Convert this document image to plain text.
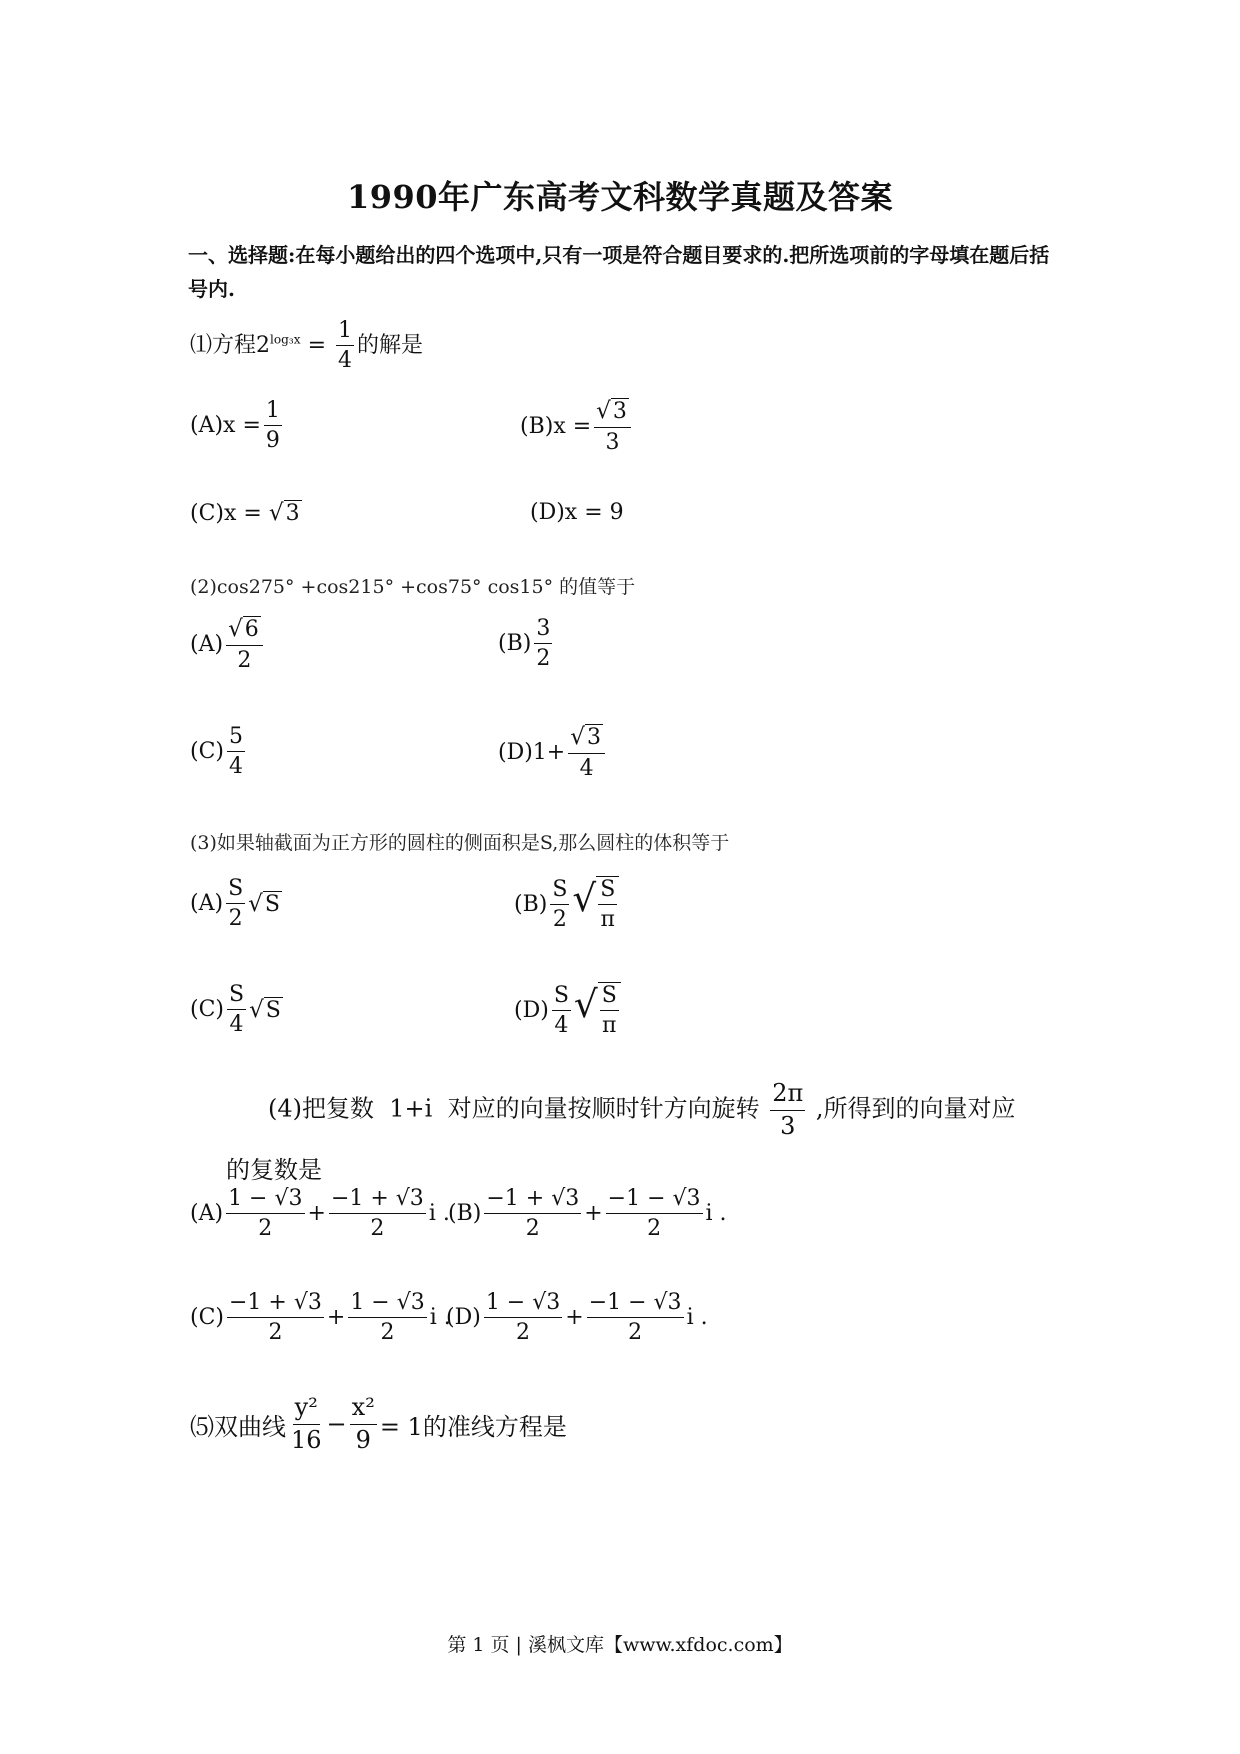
1990年广东高考文科数学真题及答案
一、选择题:在每小题给出的四个选项中,只有一项是符合题目要求的.把所选项前的字母填在题后括号内.
⑴方程$2^{log_3x} = \frac{1}{4}$ 的解是
$(A)x = \frac{1}{9}$	$(B)x = \frac{√ 3}{3}$
(C)x =
√ 3	(D)x = 9
(2)cos275° +cos215° +cos75° cos15° 的值等于
$(A) \frac{√ 6}{2}$	$(B) \frac{3}{2}$
$(C) \frac{5}{4}$	$(D)1+ \frac{√ 3}{4}$
(3)如果轴截面为正方形的圆柱的侧面积是S,那么圆柱的体积等于
$(A) \frac{S}{2}$ √ S	$(B) \frac{S}{2}$ √ $\frac{S}{\pi}$
$(C) \frac{S}{4}$ √ S	$(D) \frac{S}{4}$ √ $\frac{S}{\pi}$
(4)把复数 1+i 对应的向量按顺时针方向旋转 $\frac{2\pi}{3}$ ,所得到的向量对应
的复数是
$(A) \frac{1 - √3}{2} + \frac{-1 + √3}{2}$ i .
$(B) \frac{-1 + √3}{2} + \frac{-1 - √3}{2}$ i .
$(C) \frac{-1 + √3}{2} + \frac{1 - √3}{2}$ i .
$(D) \frac{1 - √3}{2} + \frac{-1 - √3}{2}$ i .
⑸双曲线 $\frac{\text{y²}}{16} - \frac{\text{x²}}{9} = 1$的准线方程是
第 1 页 | 溪枫文库【www.xfdoc.com】
